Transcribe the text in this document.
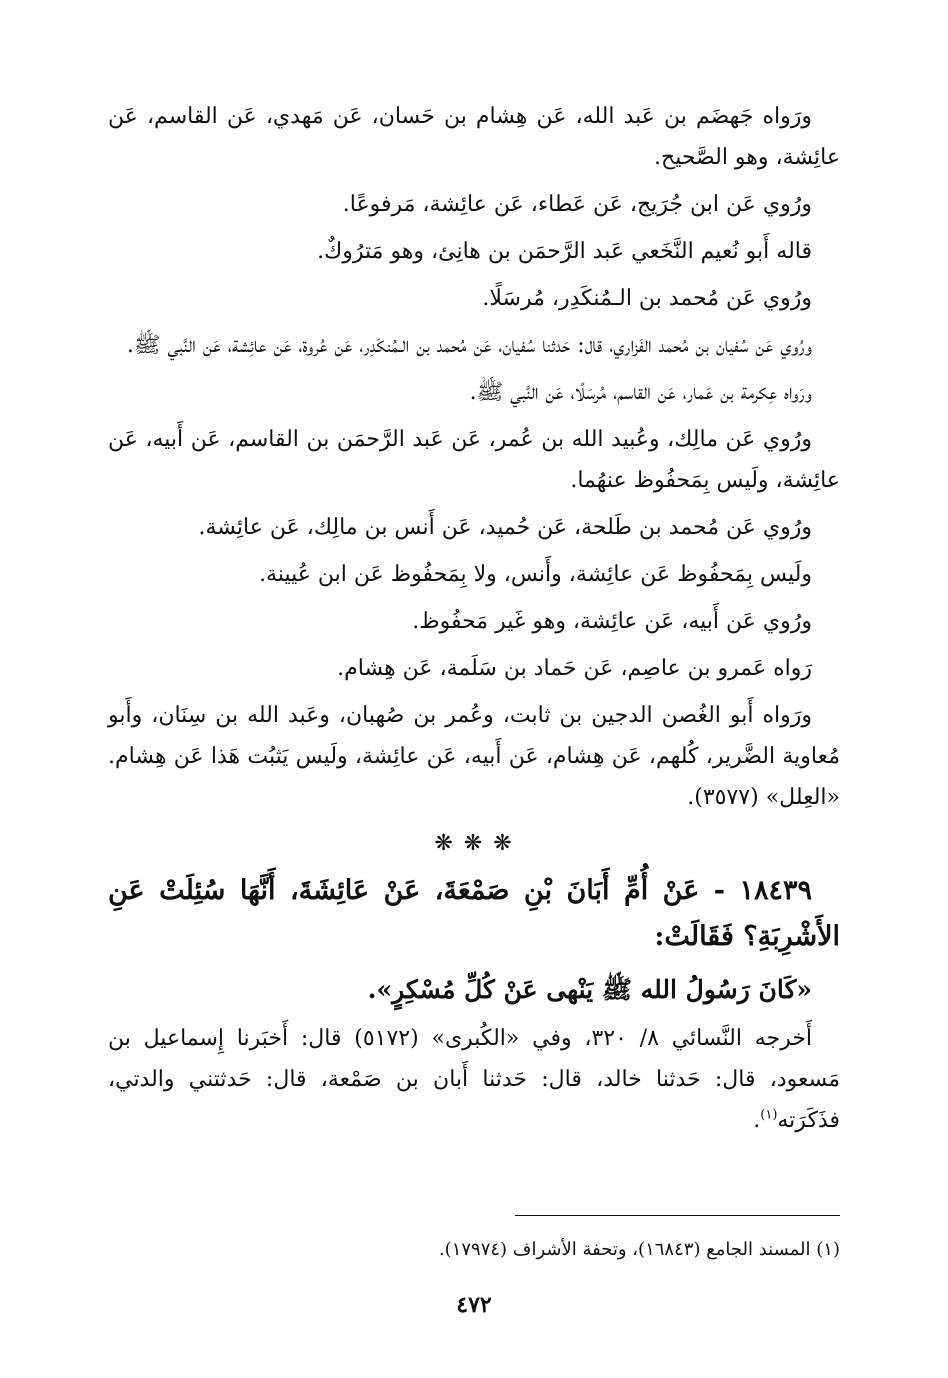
ورَواه جَهضَم بن عَبد الله، عَن هِشام بن حَسان، عَن مَهدي، عَن القاسم، عَن عائِشة، وهو الصَّحيح.

ورُوي عَن ابن جُرَيج، عَن عَطاء، عَن عائِشة، مَرفوعًا.

قاله أَبو نُعيم النَّخَعي عَبد الرَّحمَن بن هانِئ، وهو مَترُوكٌ.

ورُوي عَن مُحمد بن الـمُنكَدِر، مُرسَلًا.

ورُوي عَن سُفيان بن مُحمد الفَزاري، قال: حَدثنا سُفيان، عَن مُحمد بن الـمُنكَدِر، عَن عُروة، عَن عائِشة، عَن النَّبي ﷺ.

ورَواه عِكرمة بن عَمار، عَن القاسم، مُرسَلًا، عَن النَّبي ﷺ.

ورُوي عَن مالِك، وعُبيد الله بن عُمر، عَن عَبد الرَّحمَن بن القاسم، عَن أَبيه، عَن عائِشة، ولَيس بِمَحفُوظ عنهُما.

ورُوي عَن مُحمد بن طَلحة، عَن حُميد، عَن أَنس بن مالِك، عَن عائِشة.

ولَيس بِمَحفُوظ عَن عائِشة، وأَنس، ولا بِمَحفُوظ عَن ابن عُيينة.

ورُوي عَن أَبيه، عَن عائِشة، وهو غَير مَحفُوظ.

رَواه عَمرو بن عاصِم، عَن حَماد بن سَلَمة، عَن هِشام.

ورَواه أَبو الغُصن الدجين بن ثابت، وعُمر بن صُهبان، وعَبد الله بن سِنَان، وأَبو مُعاوية الضَّرير، كُلهم، عَن هِشام، عَن أَبيه، عَن عائِشة، ولَيس يَثبُت هَذا عَن هِشام. «العِلل» (٣٥٧٧).

❋ ❋ ❋

١٨٤٣٩ - عَنْ أُمِّ أَبَانَ بْنِ صَمْعَةَ، عَنْ عَائِشَةَ، أَنَّهَا سُئِلَتْ عَنِ الأَشْرِبَةِ؟ فَقَالَتْ:

«كَانَ رَسُولُ الله ﷺ يَنْهى عَنْ كُلِّ مُسْكِرٍ».

أَخرجه النَّسائي ٨/ ٣٢٠، وفي «الكُبرى» (٥١٧٢) قال: أَخبَرنا إِسماعيل بن مَسعود، قال: حَدثنا خالد، قال: حَدثنا أَبان بن صَمْعة، قال: حَدثتني والدتي، فذَكَرَته$^{(١)}$.

(١) المسند الجامع (١٦٨٤٣)، وتحفة الأشراف (١٧٩٧٤).
٤٧٢
